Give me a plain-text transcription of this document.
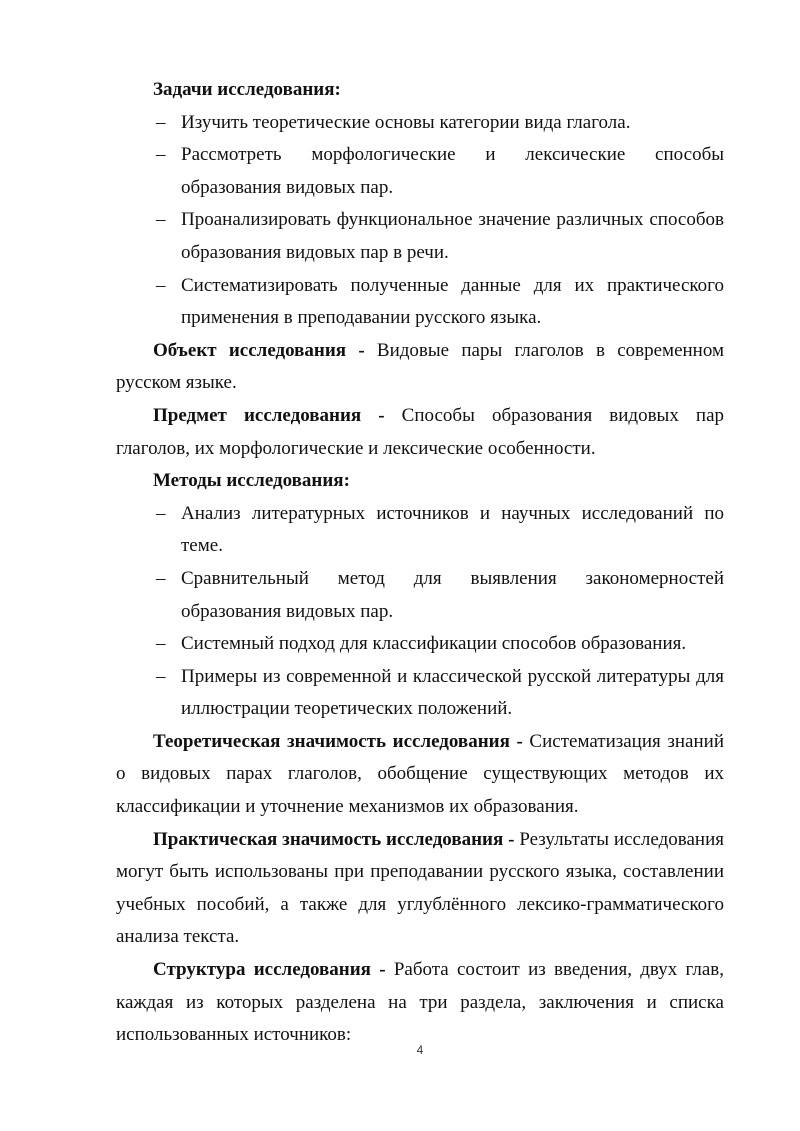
Задачи исследования:

– Изучить теоретические основы категории вида глагола.
– Рассмотреть морфологические и лексические способы образования видовых пар.
– Проанализировать функциональное значение различных способов образования видовых пар в речи.
– Систематизировать полученные данные для их практического применения в преподавании русского языка.

Объект исследования - Видовые пары глаголов в современном русском языке.

Предмет исследования - Способы образования видовых пар глаголов, их морфологические и лексические особенности.

Методы исследования:

– Анализ литературных источников и научных исследований по теме.
– Сравнительный метод для выявления закономерностей образования видовых пар.
– Системный подход для классификации способов образования.
– Примеры из современной и классической русской литературы для иллюстрации теоретических положений.

Теоретическая значимость исследования - Систематизация знаний о видовых парах глаголов, обобщение существующих методов их классификации и уточнение механизмов их образования.

Практическая значимость исследования - Результаты исследования могут быть использованы при преподавании русского языка, составлении учебных пособий, а также для углублённого лексико-грамматического анализа текста.

Структура исследования - Работа состоит из введения, двух глав, каждая из которых разделена на три раздела, заключения и списка использованных источников:

4
